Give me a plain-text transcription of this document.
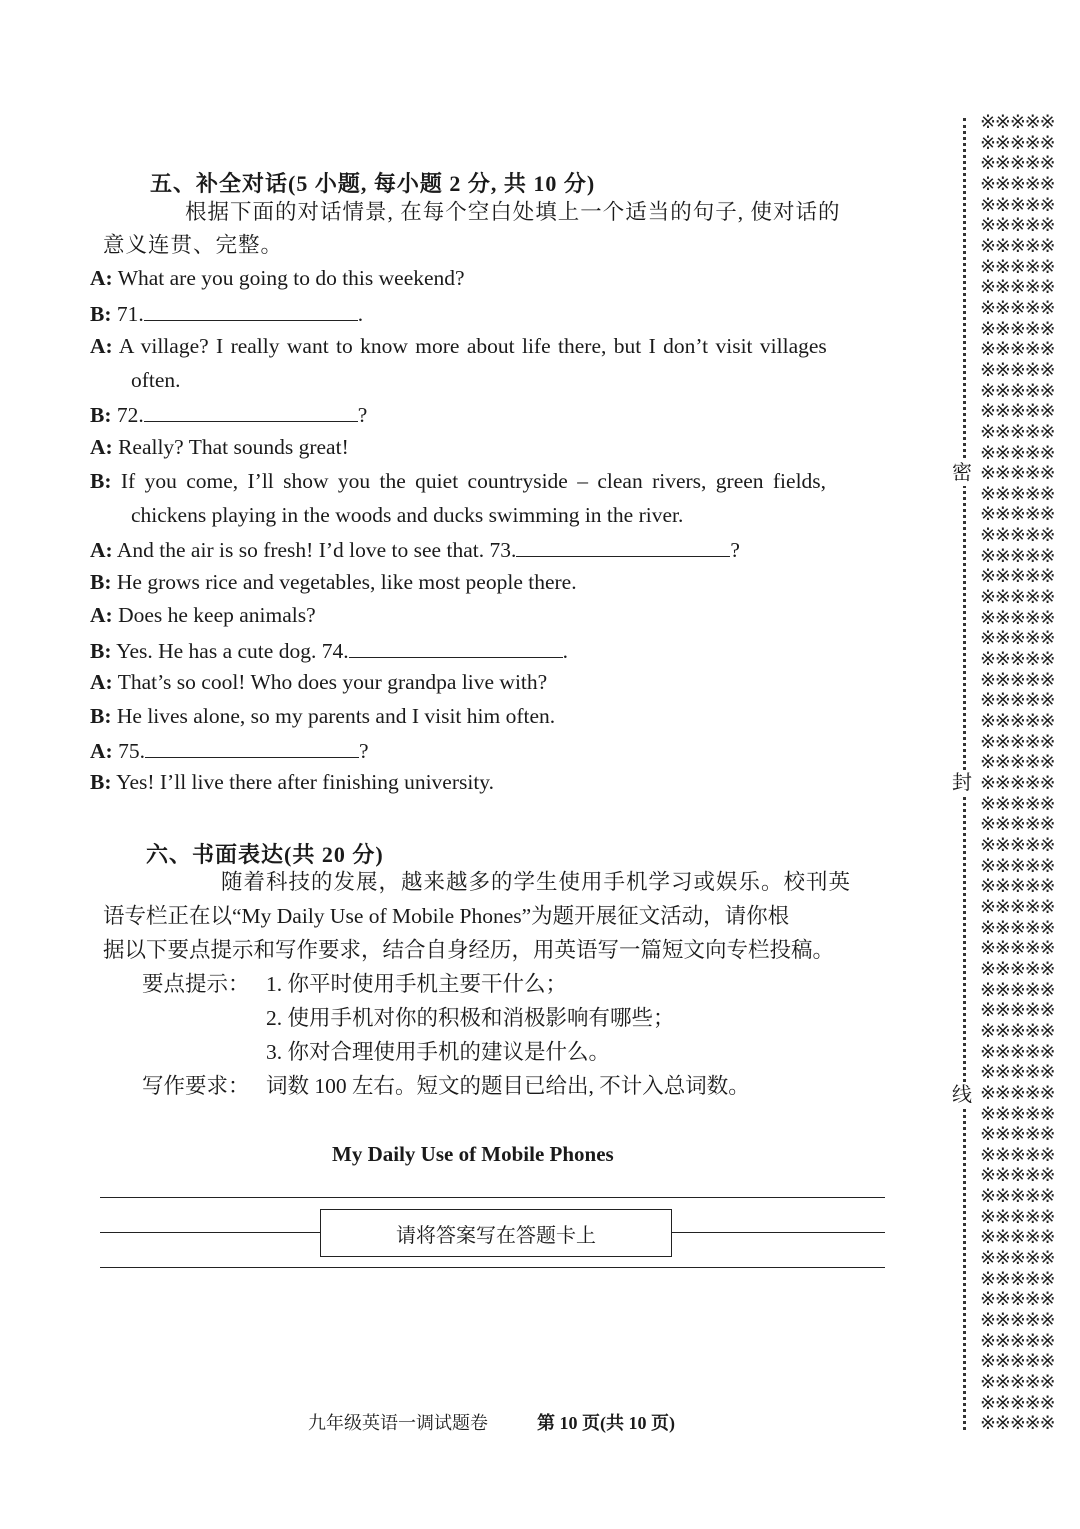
五、补全对话(5 小题, 每小题 2 分, 共 10 分)
根据下面的对话情景, 在每个空白处填上一个适当的句子, 使对话的
意义连贯、完整。
A: What are you going to do this weekend?
B: 71.	.
A: A village? I really want to know more about life there, but I don’t visit villages
often.
B: 72.	?
A: Really? That sounds great!
B: If you come, I’ll show you the quiet countryside – clean rivers, green fields,
chickens playing in the woods and ducks swimming in the river.
A: And the air is so fresh! I’d love to see that. 73.	?
B: He grows rice and vegetables, like most people there.
A: Does he keep animals?
B: Yes. He has a cute dog. 74.	.
A: That’s so cool! Who does your grandpa live with?
B: He lives alone, so my parents and I visit him often.
A: 75.	?
B: Yes! I’ll live there after finishing university.
六、书面表达(共 20 分)
随着科技的发展，越来越多的学生使用手机学习或娱乐。校刊英
语专栏正在以“My Daily Use of Mobile Phones”为题开展征文活动，请你根
据以下要点提示和写作要求，结合自身经历，用英语写一篇短文向专栏投稿。
要点提示： 1. 你平时使用手机主要干什么；
2. 使用手机对你的积极和消极影响有哪些；
3. 你对合理使用手机的建议是什么。
写作要求： 词数 100 左右。短文的题目已给出, 不计入总词数。
My Daily Use of Mobile Phones
请将答案写在答题卡上
九年级英语一调试题卷	第 10 页(共 10 页)
密
封
线
※※※※※
※※※※※
※※※※※
※※※※※
※※※※※
※※※※※
※※※※※
※※※※※
※※※※※
※※※※※
※※※※※
※※※※※
※※※※※
※※※※※
※※※※※
※※※※※
※※※※※
※※※※※
※※※※※
※※※※※
※※※※※
※※※※※
※※※※※
※※※※※
※※※※※
※※※※※
※※※※※
※※※※※
※※※※※
※※※※※
※※※※※
※※※※※
※※※※※
※※※※※
※※※※※
※※※※※
※※※※※
※※※※※
※※※※※
※※※※※
※※※※※
※※※※※
※※※※※
※※※※※
※※※※※
※※※※※
※※※※※
※※※※※
※※※※※
※※※※※
※※※※※
※※※※※
※※※※※
※※※※※
※※※※※
※※※※※
※※※※※
※※※※※
※※※※※
※※※※※
※※※※※
※※※※※
※※※※※
※※※※※
